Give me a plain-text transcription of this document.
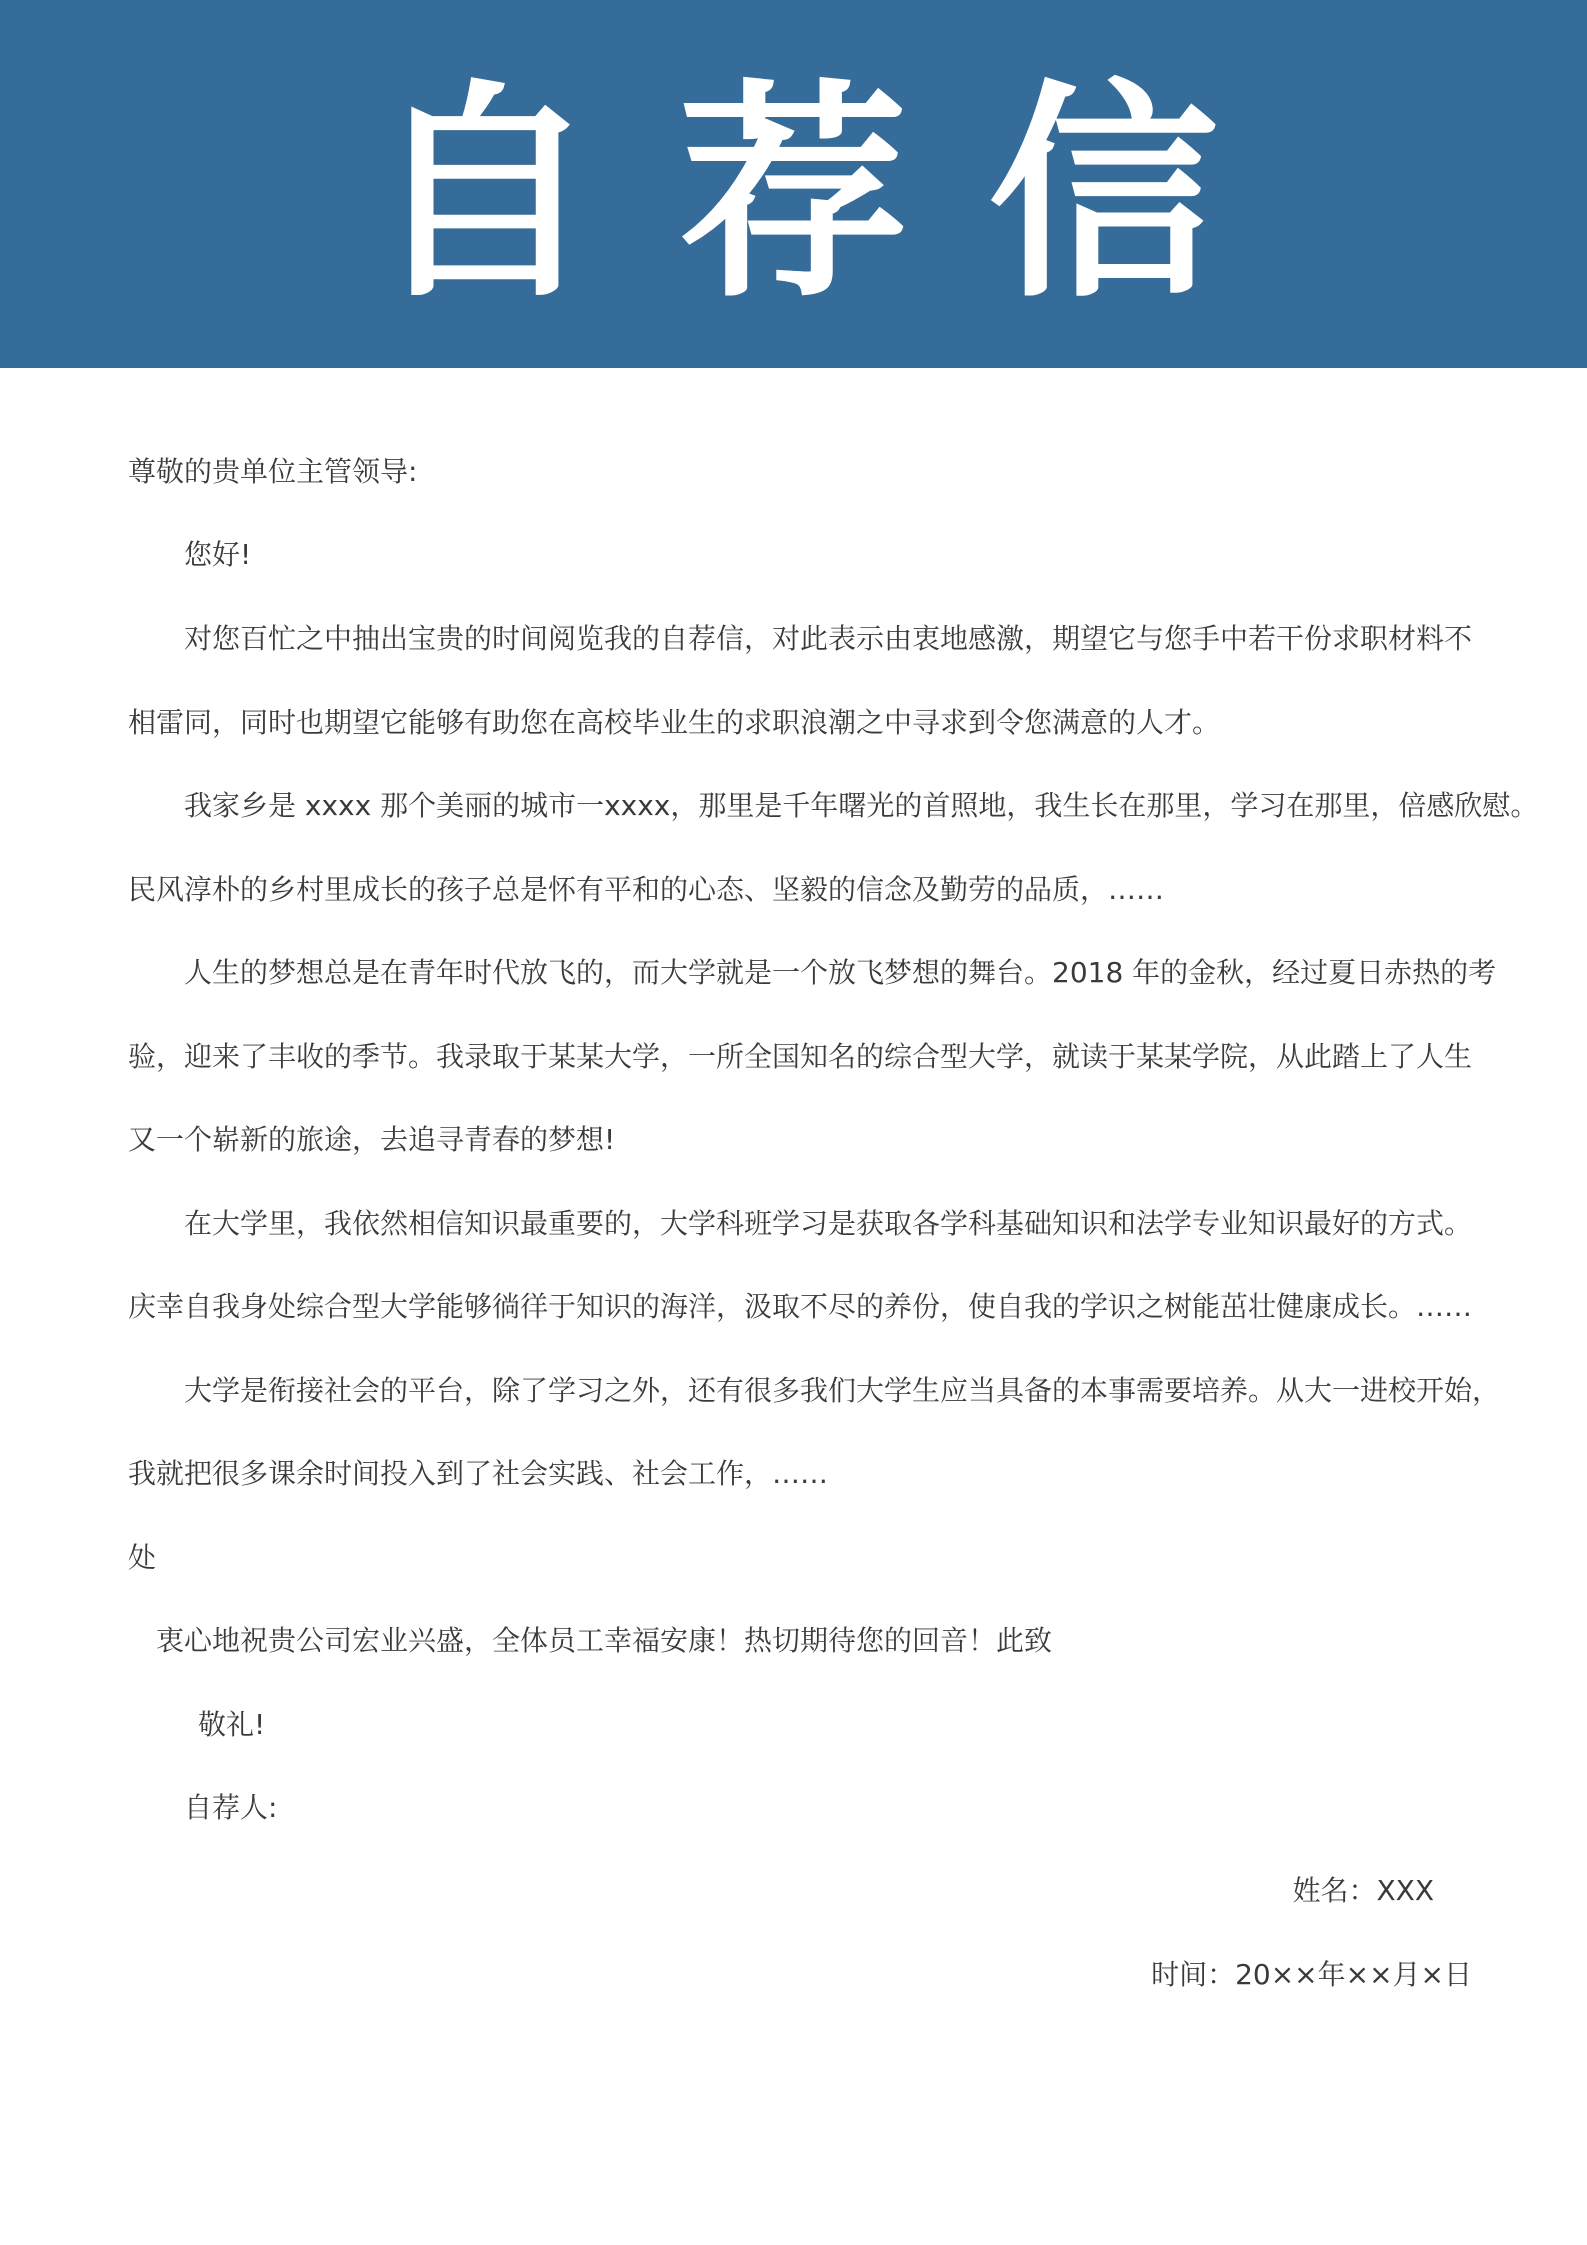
自荐信
尊敬的贵单位主管领导:
您好!
对您百忙之中抽出宝贵的时间阅览我的自荐信，对此表示由衷地感激，期望它与您手中若干份求职材料不
相雷同，同时也期望它能够有助您在高校毕业生的求职浪潮之中寻求到令您满意的人才。
我家乡是 xxxx 那个美丽的城市一xxxx，那里是千年曙光的首照地，我生长在那里，学习在那里，倍感欣慰。
民风淳朴的乡村里成长的孩子总是怀有平和的心态、坚毅的信念及勤劳的品质，……
人生的梦想总是在青年时代放飞的，而大学就是一个放飞梦想的舞台。2018 年的金秋，经过夏日赤热的考
验，迎来了丰收的季节。我录取于某某大学，一所全国知名的综合型大学，就读于某某学院，从此踏上了人生
又一个崭新的旅途，去追寻青春的梦想!
在大学里，我依然相信知识最重要的，大学科班学习是获取各学科基础知识和法学专业知识最好的方式。
庆幸自我身处综合型大学能够徜徉于知识的海洋，汲取不尽的养份，使自我的学识之树能茁壮健康成长。……
大学是衔接社会的平台，除了学习之外，还有很多我们大学生应当具备的本事需要培养。从大一进校开始，
我就把很多课余时间投入到了社会实践、社会工作，……
处
衷心地祝贵公司宏业兴盛，全体员工幸福安康！热切期待您的回音！此致
敬礼!
自荐人:
姓名：XXX
时间：20××年××月×日
